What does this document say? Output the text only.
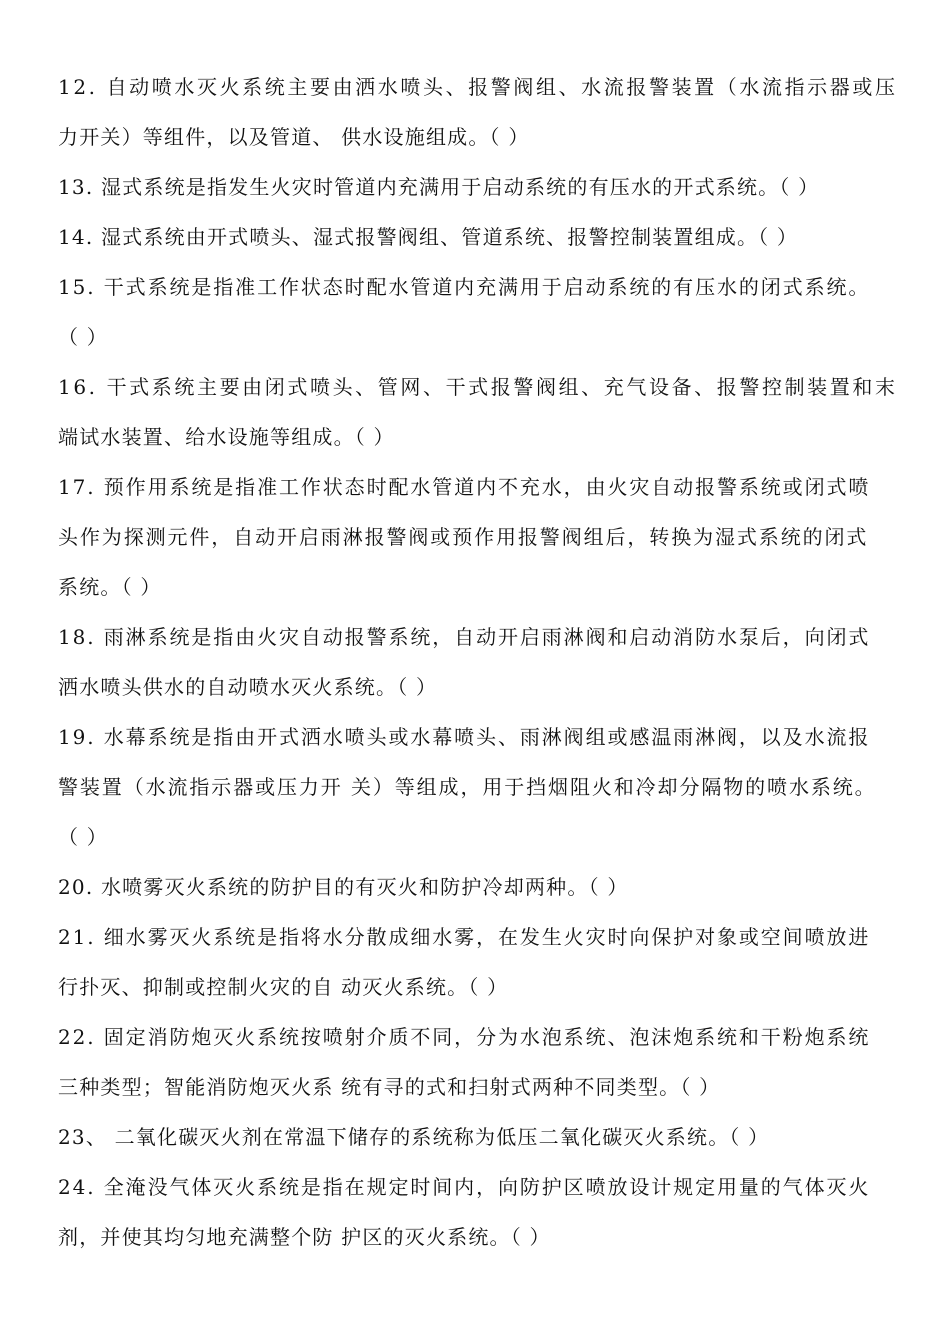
12. 自动喷水灭火系统主要由洒水喷头、报警阀组、水流报警装置（水流指示器或压
力开关）等组件，以及管道、 供水设施组成。（ ）
13. 湿式系统是指发生火灾时管道内充满用于启动系统的有压水的开式系统。（ ）
14. 湿式系统由开式喷头、湿式报警阀组、管道系统、报警控制装置组成。（ ）
15. 干式系统是指准工作状态时配水管道内充满用于启动系统的有压水的闭式系统。
（ ）
16. 干式系统主要由闭式喷头、管网、干式报警阀组、充气设备、报警控制装置和末
端试水装置、给水设施等组成。（ ）
17. 预作用系统是指准工作状态时配水管道内不充水，由火灾自动报警系统或闭式喷
头作为探测元件，自动开启雨淋报警阀或预作用报警阀组后，转换为湿式系统的闭式
系统。（ ）
18. 雨淋系统是指由火灾自动报警系统，自动开启雨淋阀和启动消防水泵后，向闭式
洒水喷头供水的自动喷水灭火系统。（ ）
19. 水幕系统是指由开式洒水喷头或水幕喷头、雨淋阀组或感温雨淋阀，以及水流报
警装置（水流指示器或压力开 关）等组成，用于挡烟阻火和冷却分隔物的喷水系统。
（ ）
20. 水喷雾灭火系统的防护目的有灭火和防护冷却两种。（ ）
21. 细水雾灭火系统是指将水分散成细水雾，在发生火灾时向保护对象或空间喷放进
行扑灭、抑制或控制火灾的自 动灭火系统。（ ）
22. 固定消防炮灭火系统按喷射介质不同，分为水泡系统、泡沫炮系统和干粉炮系统
三种类型；智能消防炮灭火系 统有寻的式和扫射式两种不同类型。（ ）
23、 二氧化碳灭火剂在常温下储存的系统称为低压二氧化碳灭火系统。（ ）
24. 全淹没气体灭火系统是指在规定时间内，向防护区喷放设计规定用量的气体灭火
剂，并使其均匀地充满整个防 护区的灭火系统。（ ）
